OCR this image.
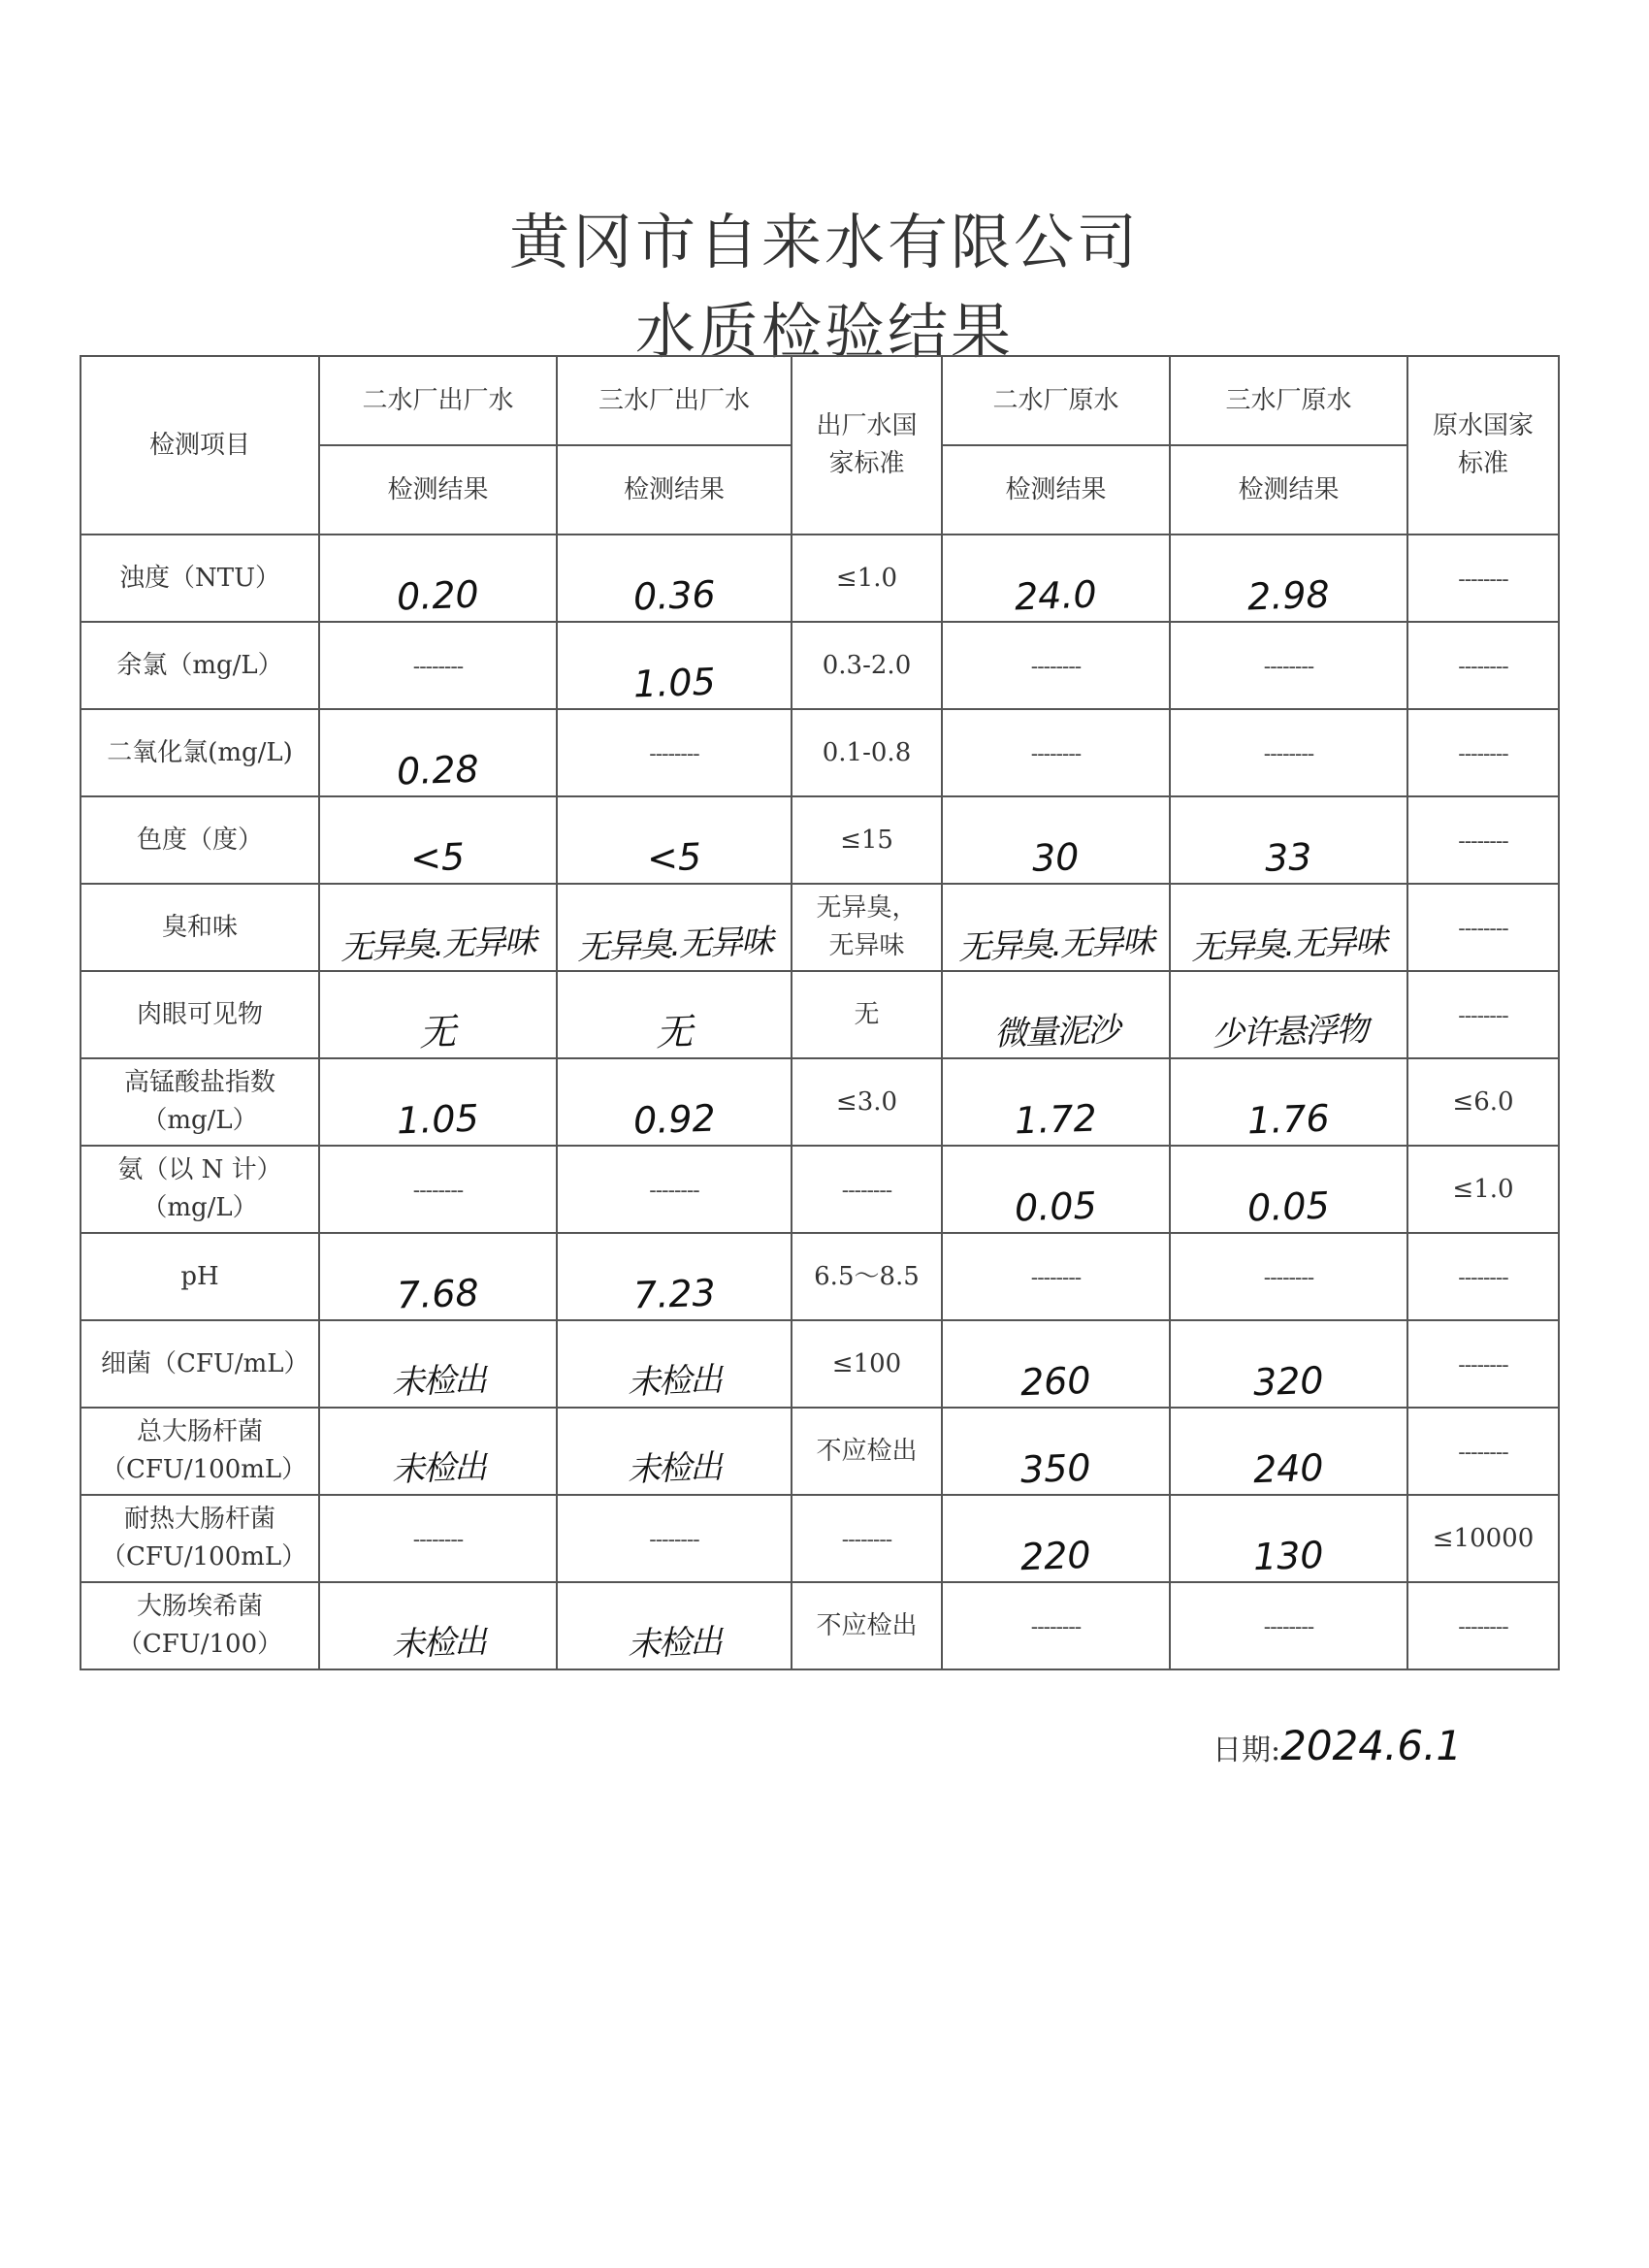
黄冈市自来水有限公司
水质检验结果
检测项目	二水厂出厂水	三水厂出厂水	出厂水国家标准	二水厂原水	三水厂原水	原水国家标准

	检测结果	检测结果		检测结果	检测结果	
浊度（NTU）	0.20	0.36	≤1.0	24.0	2.98	--------
余氯（mg/L）	--------	1.05	0.3-2.0	--------	--------	--------
二氧化氯(mg/L)	0.28	--------	0.1-0.8	--------	--------	--------
色度（度）	<5	<5	≤15	30	33	--------
臭和味	无异臭.无异味	无异臭.无异味	无异臭，无异味	无异臭.无异味	无异臭.无异味	--------
肉眼可见物	无	无	无	微量泥沙	少许悬浮物	--------
高锰酸盐指数（mg/L）	1.05	0.92	≤3.0	1.72	1.76	≤6.0
氨（以 N 计）（mg/L）	--------	--------	--------	0.05	0.05	≤1.0
pH	7.68	7.23	6.5～8.5	--------	--------	--------
细菌（CFU/mL）	未检出	未检出	≤100	260	320	--------
总大肠杆菌（CFU/100mL）	未检出	未检出	不应检出	350	240	--------
耐热大肠杆菌（CFU/100mL）	--------	--------	--------	220	130	≤10000
大肠埃希菌（CFU/100）	未检出	未检出	不应检出	--------	--------	--------
日期:2024.6.1
